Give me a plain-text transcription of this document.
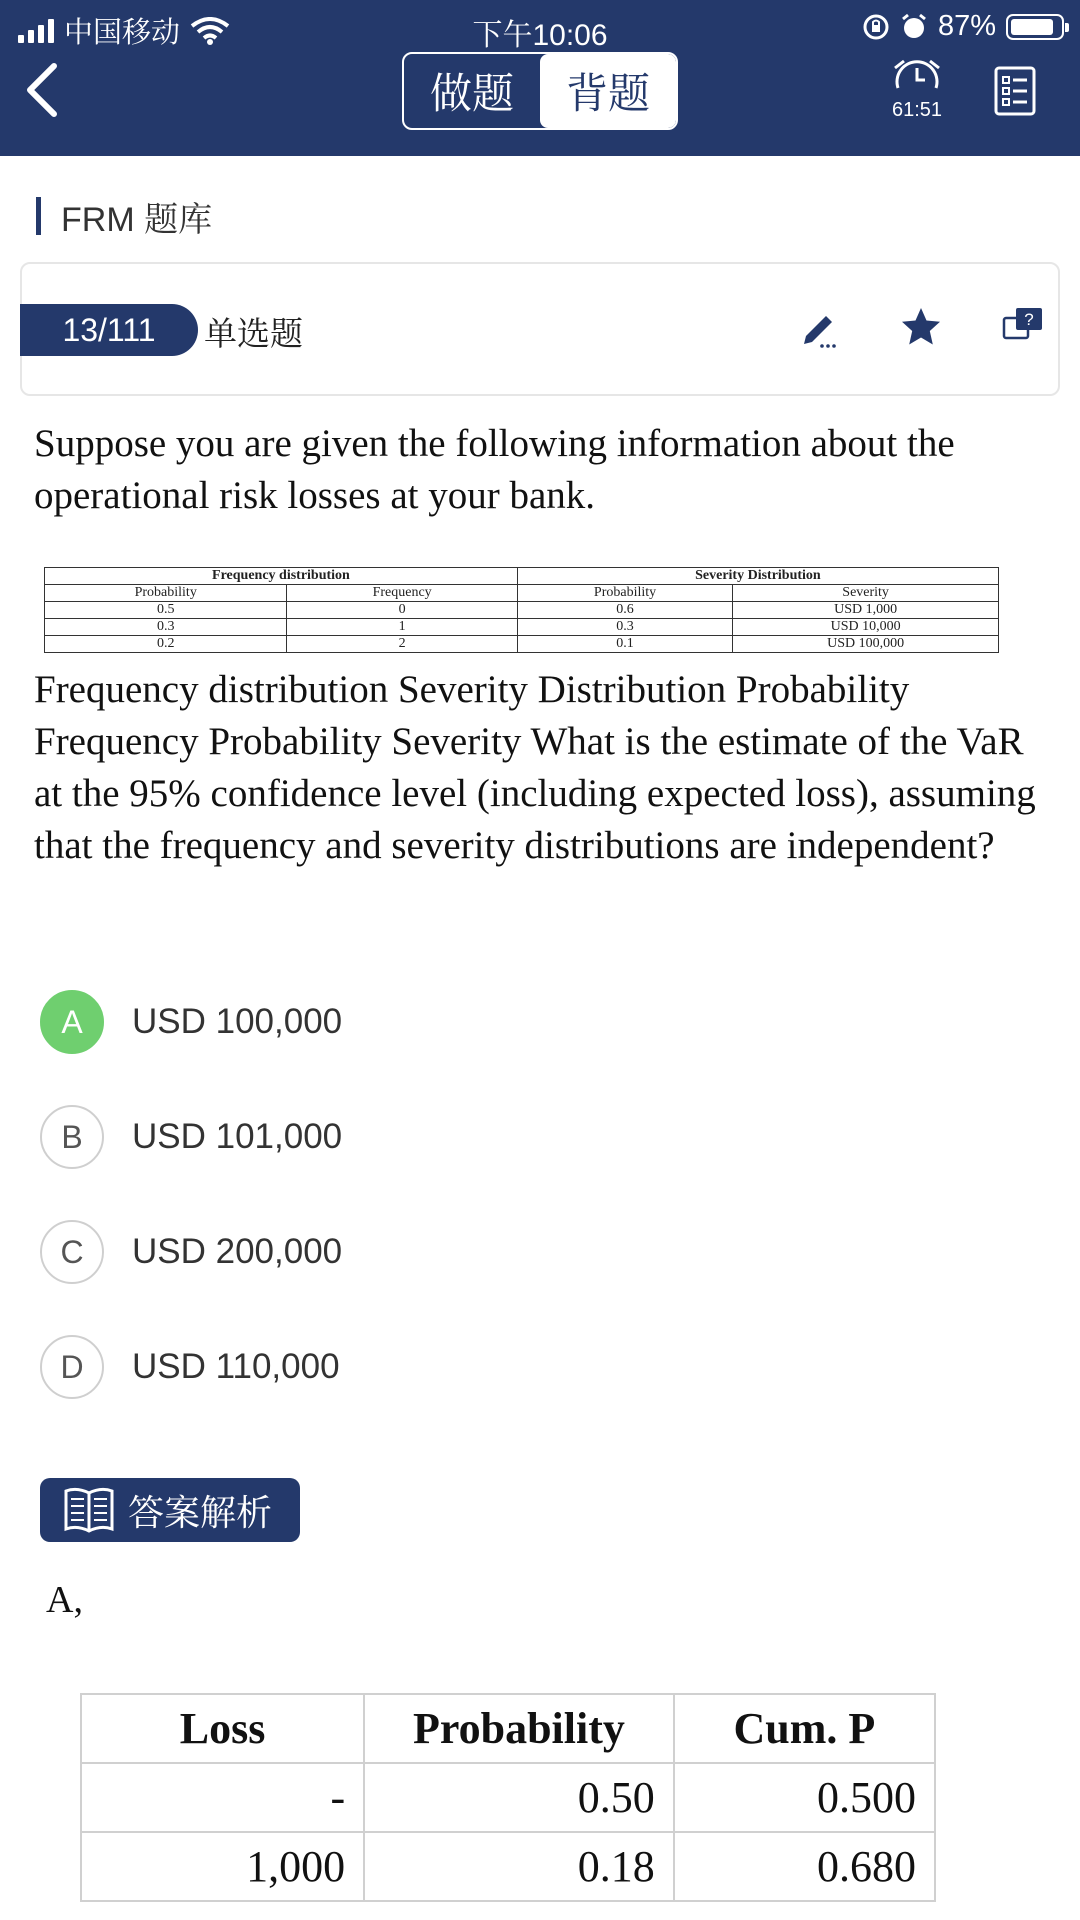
中国移动	下午10:06	87%
做题	背题	61:51
FRM 题库
13/111	单选题	?
Suppose you are given the following information about the operational risk losses at your bank.
Frequency distribution		Severity Distribution	
Probability	Frequency	Probability	Severity
0.5	0	0.6	USD 1,000
0.3	1	0.3	USD 10,000
0.2	2	0.1	USD 100,000
Frequency distribution Severity Distribution Probability Frequency Probability Severity What is the estimate of the VaR at the 95% confidence level (including expected loss), assuming that the frequency and severity distributions are independent?
A	USD 100,000
B	USD 101,000
C	USD 200,000
D	USD 110,000
答案解析
A,
Loss	Probability	Cum. P
-	0.50	0.500
1,000	0.18	0.680
